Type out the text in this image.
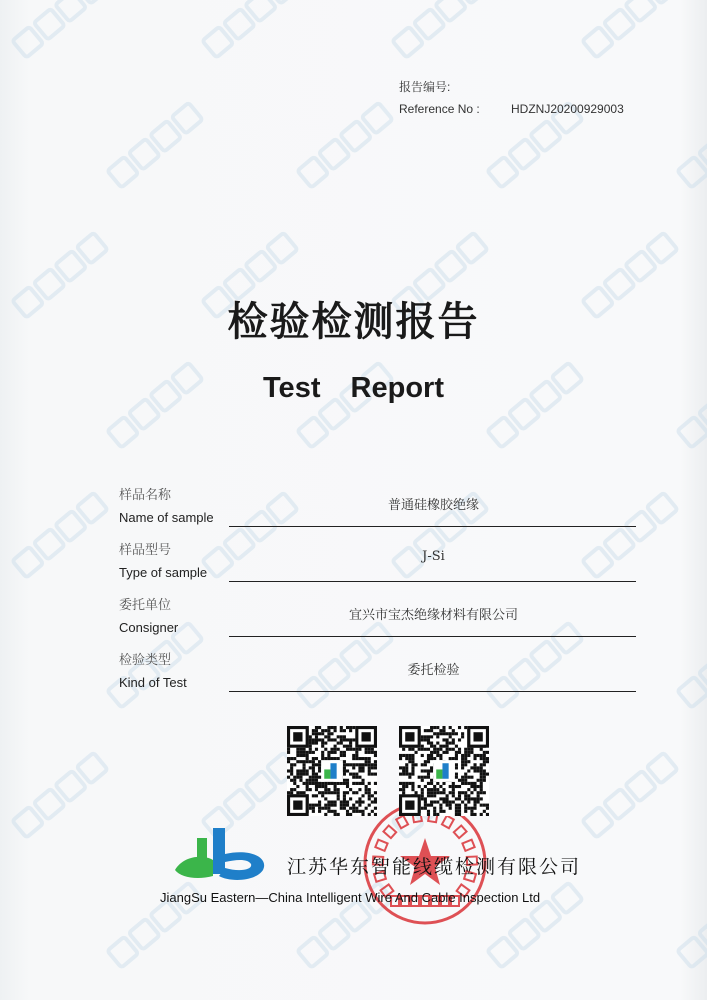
报告编号:
Reference No :	HDZNJ20200929003
检验检测报告
Test Report
样品名称
Name of sample
普通硅橡胶绝缘
样品型号
Type of sample
J-Si
委托单位
Consigner
宜兴市宝杰绝缘材料有限公司
检验类型
Kind of Test
委托检验
江苏华东智能线缆检测有限公司
JiangSu Eastern—China Intelligent Wire And Cable Inspection Ltd
